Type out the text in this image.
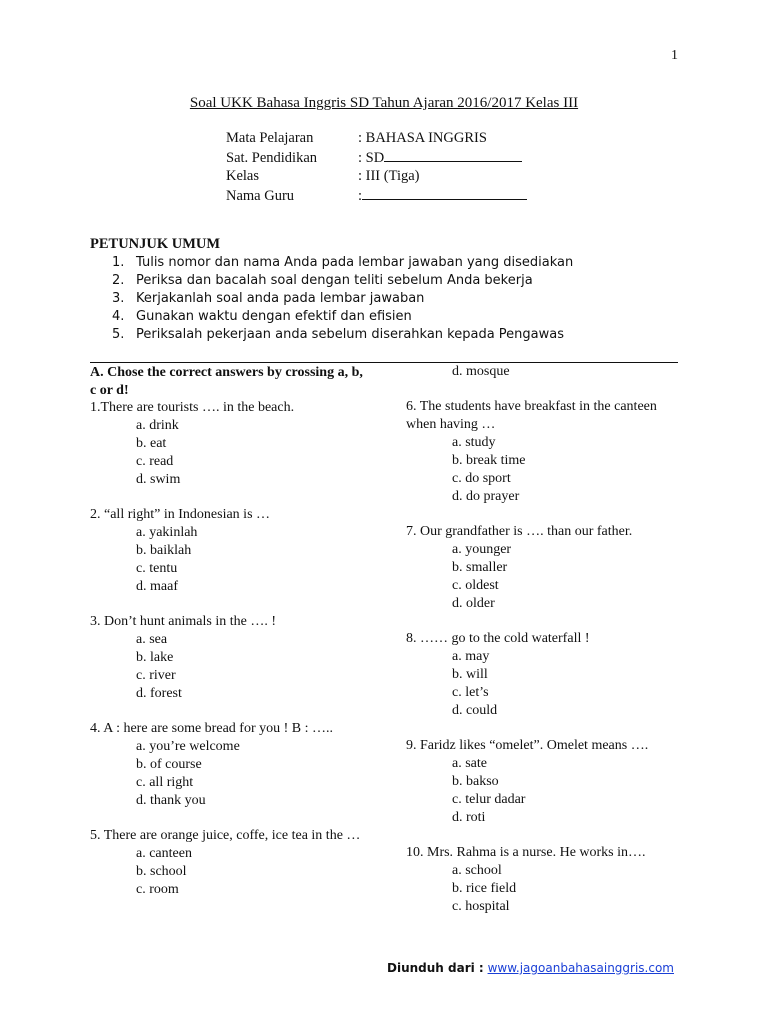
1
Soal UKK Bahasa Inggris SD Tahun Ajaran 2016/2017 Kelas III
Mata Pelajaran	: BAHASA INGGRIS
Sat. Pendidikan	: SD
Kelas	: III (Tiga)
Nama Guru	:
PETUNJUK UMUM
1. Tulis nomor dan nama Anda pada lembar jawaban yang disediakan
2. Periksa dan bacalah soal dengan teliti sebelum Anda bekerja
3. Kerjakanlah soal anda pada lembar jawaban
4. Gunakan waktu dengan efektif dan efisien
5. Periksalah pekerjaan anda sebelum diserahkan kepada Pengawas
A. Chose the correct answers by crossing a, b, c or d!
1.There are tourists …. in the beach.
a. drink
b. eat
c. read
d. swim
2. “all right” in Indonesian is …
a. yakinlah
b. baiklah
c. tentu
d. maaf
3. Don’t hunt animals in the …. !
a. sea
b. lake
c. river
d. forest
4. A : here are some bread for you ! B : …..
a. you’re welcome
b. of course
c. all right
d. thank you
5. There are orange juice, coffe, ice tea in the …
a. canteen
b. school
c. room
d. mosque
6. The students have breakfast in the canteen when having …
a. study
b. break time
c. do sport
d. do prayer
7. Our grandfather is …. than our father.
a. younger
b. smaller
c. oldest
d. older
8. …… go to the cold waterfall !
a. may
b. will
c. let’s
d. could
9. Faridz likes “omelet”. Omelet means ….
a. sate
b. bakso
c. telur dadar
d. roti
10. Mrs. Rahma is a nurse. He works in….
a. school
b. rice field
c. hospital
Diunduh dari : www.jagoanbahasainggris.com
